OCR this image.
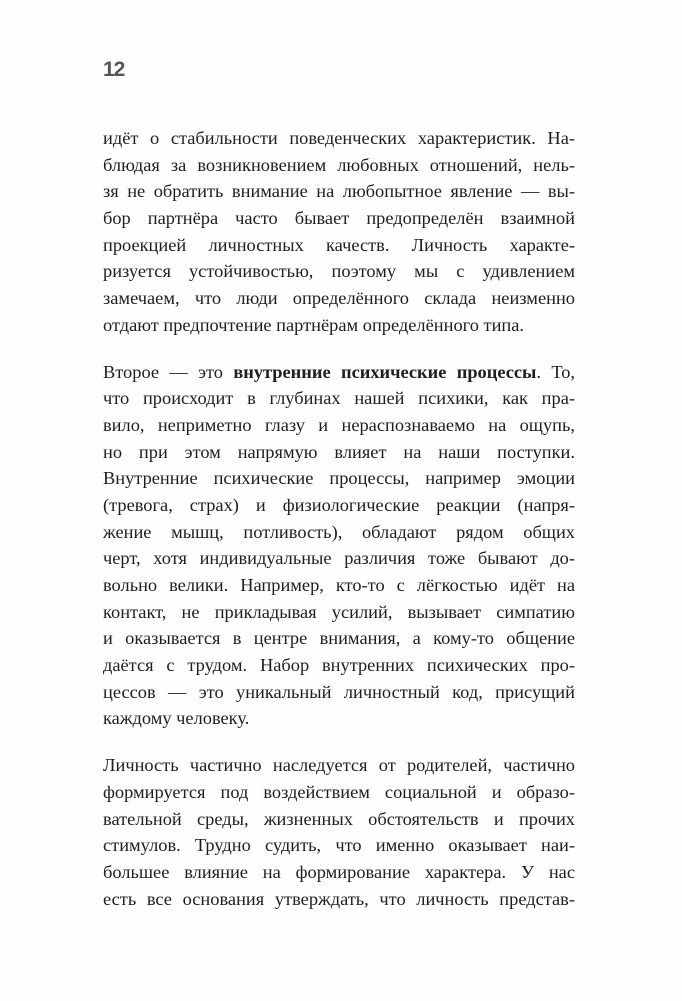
12
идёт о стабильности поведенческих характеристик. На-
блюдая за возникновением любовных отношений, нель-
зя не обратить внимание на любопытное явление — вы-
бор партнёра часто бывает предопределён взаимной
проекцией личностных качеств. Личность характе-
ризуется устойчивостью, поэтому мы с удивлением
замечаем, что люди определённого склада неизменно
отдают предпочтение партнёрам определённого типа.
Второе — это внутренние психические процессы. То,
что происходит в глубинах нашей психики, как пра-
вило, неприметно глазу и нераспознаваемо на ощупь,
но при этом напрямую влияет на наши поступки.
Внутренние психические процессы, например эмоции
(тревога, страх) и физиологические реакции (напря-
жение мышц, потливость), обладают рядом общих
черт, хотя индивидуальные различия тоже бывают до-
вольно велики. Например, кто-то с лёгкостью идёт на
контакт, не прикладывая усилий, вызывает симпатию
и оказывается в центре внимания, а кому-то общение
даётся с трудом. Набор внутренних психических про-
цессов — это уникальный личностный код, присущий
каждому человеку.
Личность частично наследуется от родителей, частично
формируется под воздействием социальной и образо-
вательной среды, жизненных обстоятельств и прочих
стимулов. Трудно судить, что именно оказывает наи-
большее влияние на формирование характера. У нас
есть все основания утверждать, что личность представ-
